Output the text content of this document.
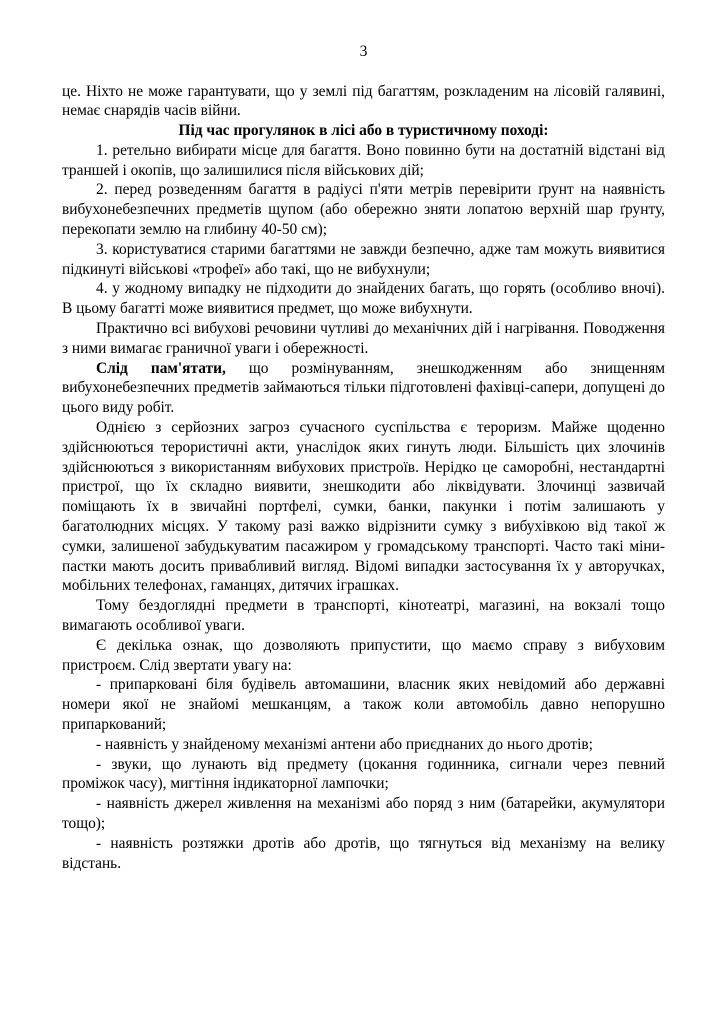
3

це. Ніхто не може гарантувати, що у землі під багаттям, розкладеним на лісовій галявині, немає снарядів часів війни.

Під час прогулянок в лісі або в туристичному поході:

1. ретельно вибирати місце для багаття. Воно повинно бути на достатній відстані від траншей і окопів, що залишилися після військових дій;

2. перед розведенням багаття в радіусі п'яти метрів перевірити ґрунт на наявність вибухонебезпечних предметів щупом (або обережно зняти лопатою верхній шар ґрунту, перекопати землю на глибину 40-50 см);

3. користуватися старими багаттями не завжди безпечно, адже там можуть виявитися підкинуті військові «трофеї» або такі, що не вибухнули;

4. у жодному випадку не підходити до знайдених багать, що горять (особливо вночі). В цьому багатті може виявитися предмет, що може вибухнути.

Практично всі вибухові речовини чутливі до механічних дій і нагрівання. Поводження з ними вимагає граничної уваги і обережності.

Слід пам'ятати, що розмінуванням, знешкодженням або знищенням вибухонебезпечних предметів займаються тільки підготовлені фахівці-сапери, допущені до цього виду робіт.

Однією з серйозних загроз сучасного суспільства є тероризм. Майже щоденно здійснюються терористичні акти, унаслідок яких гинуть люди. Більшість цих злочинів здійснюються з використанням вибухових пристроїв. Нерідко це саморобні, нестандартні пристрої, що їх складно виявити, знешкодити або ліквідувати. Злочинці зазвичай поміщають їх в звичайні портфелі, сумки, банки, пакунки і потім залишають у багатолюдних місцях. У такому разі важко відрізнити сумку з вибухівкою від такої ж сумки, залишеної забудькуватим пасажиром у громадському транспорті. Часто такі міни-пастки мають досить привабливий вигляд. Відомі випадки застосування їх у авторучках, мобільних телефонах, гаманцях, дитячих іграшках.

Тому бездоглядні предмети в транспорті, кінотеатрі, магазині, на вокзалі тощо вимагають особливої уваги.

Є декілька ознак, що дозволяють припустити, що маємо справу з вибуховим пристроєм. Слід звертати увагу на:

- припарковані біля будівель автомашини, власник яких невідомий або державні номери якої не знайомі мешканцям, а також коли автомобіль давно непорушно припаркований;

- наявність у знайденому механізмі антени або приєднаних до нього дротів;

- звуки, що лунають від предмету (цокання годинника, сигнали через певний проміжок часу), мигтіння індикаторної лампочки;

- наявність джерел живлення на механізмі або поряд з ним (батарейки, акумулятори тощо);

- наявність розтяжки дротів або дротів, що тягнуться від механізму на велику відстань.
